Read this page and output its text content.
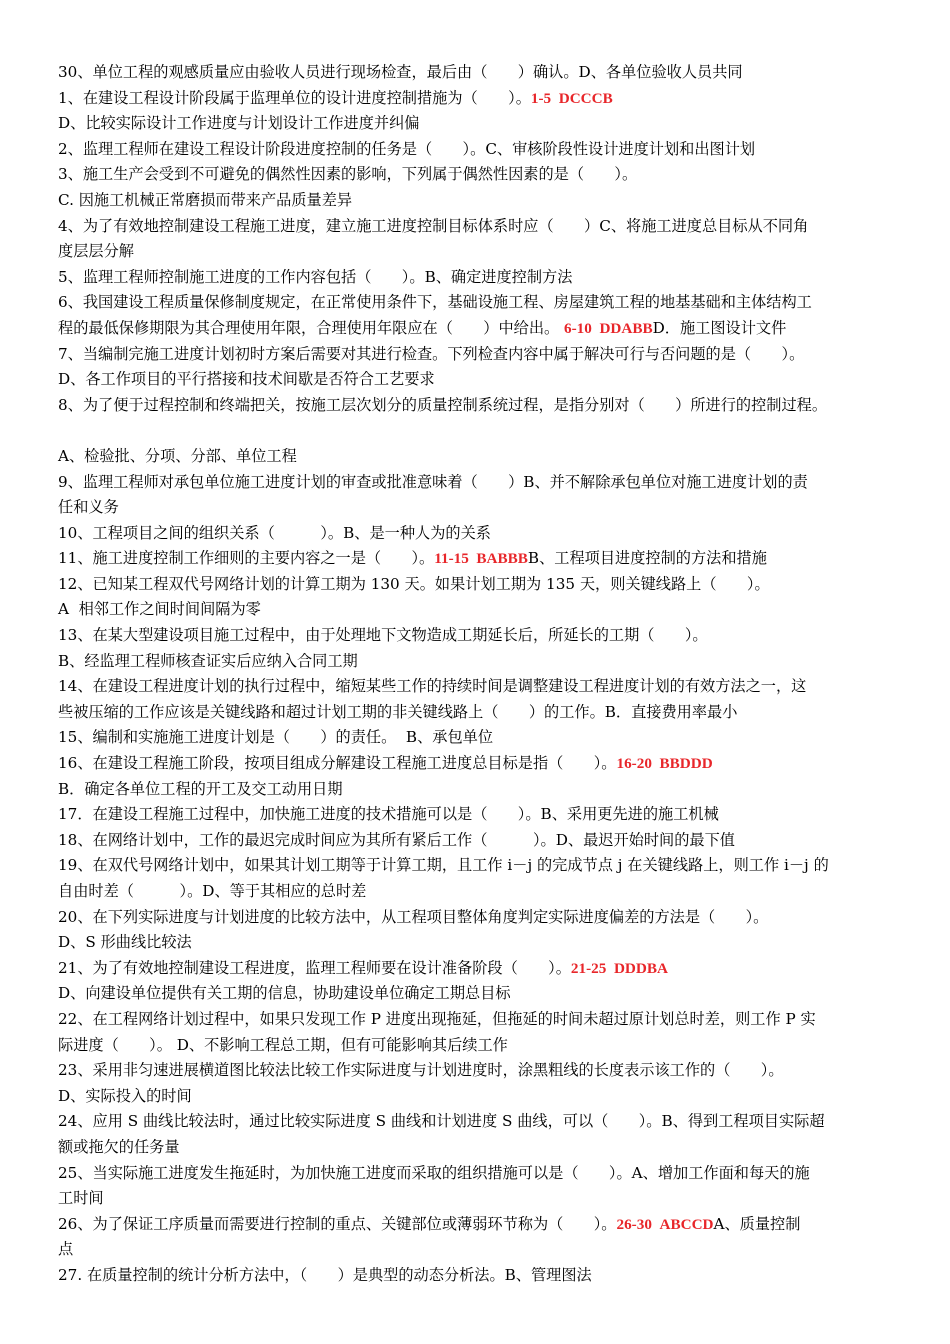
30、单位工程的观感质量应由验收人员进行现场检查，最后由（　　）确认。D、各单位验收人员共同
1、在建设工程设计阶段属于监理单位的设计进度控制措施为（　　）。1-5  DCCCB
D、比较实际设计工作进度与计划设计工作进度并纠偏
2、监理工程师在建设工程设计阶段进度控制的任务是（　　）。C、审核阶段性设计进度计划和出图计划
3、施工生产会受到不可避免的偶然性因素的影响，下列属于偶然性因素的是（　　）。
C. 因施工机械正常磨损而带来产品质量差异
4、为了有效地控制建设工程施工进度，建立施工进度控制目标体系时应（　　）C、将施工进度总目标从不同角
度层层分解
5、监理工程师控制施工进度的工作内容包括（　　）。B、确定进度控制方法
6、我国建设工程质量保修制度规定，在正常使用条件下，基础设施工程、房屋建筑工程的地基基础和主体结构工
程的最低保修期限为其合理使用年限，合理使用年限应在（　　）中给出。 6-10  DDABBD．施工图设计文件
7、当编制完施工进度计划初时方案后需要对其进行检查。下列检查内容中属于解决可行与否问题的是（　　）。
D、各工作项目的平行搭接和技术间歇是否符合工艺要求
8、为了便于过程控制和终端把关，按施工层次划分的质量控制系统过程，是指分别对（　　）所进行的控制过程。
A、检验批、分项、分部、单位工程
9、监理工程师对承包单位施工进度计划的审查或批准意味着（　　）B、并不解除承包单位对施工进度计划的责
任和义务
10、工程项目之间的组织关系（　　　）。B、是一种人为的关系
11、施工进度控制工作细则的主要内容之一是（　　）。11-15  BABBBB、工程项目进度控制的方法和措施
12、已知某工程双代号网络计划的计算工期为 130 天。如果计划工期为 135 天，则关键线路上（　　）。
A  相邻工作之间时间间隔为零
13、在某大型建设项目施工过程中，由于处理地下文物造成工期延长后，所延长的工期（　　）。
B、经监理工程师核查证实后应纳入合同工期
14、在建设工程进度计划的执行过程中，缩短某些工作的持续时间是调整建设工程进度计划的有效方法之一，这
些被压缩的工作应该是关键线路和超过计划工期的非关键线路上（　　）的工作。B．直接费用率最小
15、编制和实施施工进度计划是（　　）的责任。  B、承包单位
16、在建设工程施工阶段，按项目组成分解建设工程施工进度总目标是指（　　）。16-20  BBDDD
B．确定各单位工程的开工及交工动用日期
17．在建设工程施工过程中，加快施工进度的技术措施可以是（　　）。B、采用更先进的施工机械
18、在网络计划中，工作的最迟完成时间应为其所有紧后工作（　　　）。D、最迟开始时间的最下值
19、在双代号网络计划中，如果其计划工期等于计算工期，且工作 i－j 的完成节点 j 在关键线路上，则工作 i－j 的
自由时差（　　　）。D、等于其相应的总时差
20、在下列实际进度与计划进度的比较方法中，从工程项目整体角度判定实际进度偏差的方法是（　　）。
D、S 形曲线比较法
21、为了有效地控制建设工程进度，监理工程师要在设计准备阶段（　　）。21-25  DDDBA
D、向建设单位提供有关工期的信息，协助建设单位确定工期总目标
22、在工程网络计划过程中，如果只发现工作 P 进度出现拖延，但拖延的时间未超过原计划总时差，则工作 P 实
际进度（　　）。 D、不影响工程总工期，但有可能影响其后续工作
23、采用非匀速进展横道图比较法比较工作实际进度与计划进度时，涂黑粗线的长度表示该工作的（　　）。
D、实际投入的时间
24、应用 S 曲线比较法时，通过比较实际进度 S 曲线和计划进度 S 曲线，可以（　　）。B、得到工程项目实际超
额或拖欠的任务量
25、当实际施工进度发生拖延时，为加快施工进度而采取的组织措施可以是（　　）。A、增加工作面和每天的施
工时间
26、为了保证工序质量而需要进行控制的重点、关键部位或薄弱环节称为（　　）。26-30  ABCCDA、质量控制
点
27. 在质量控制的统计分析方法中，（　　）是典型的动态分析法。B、管理图法
